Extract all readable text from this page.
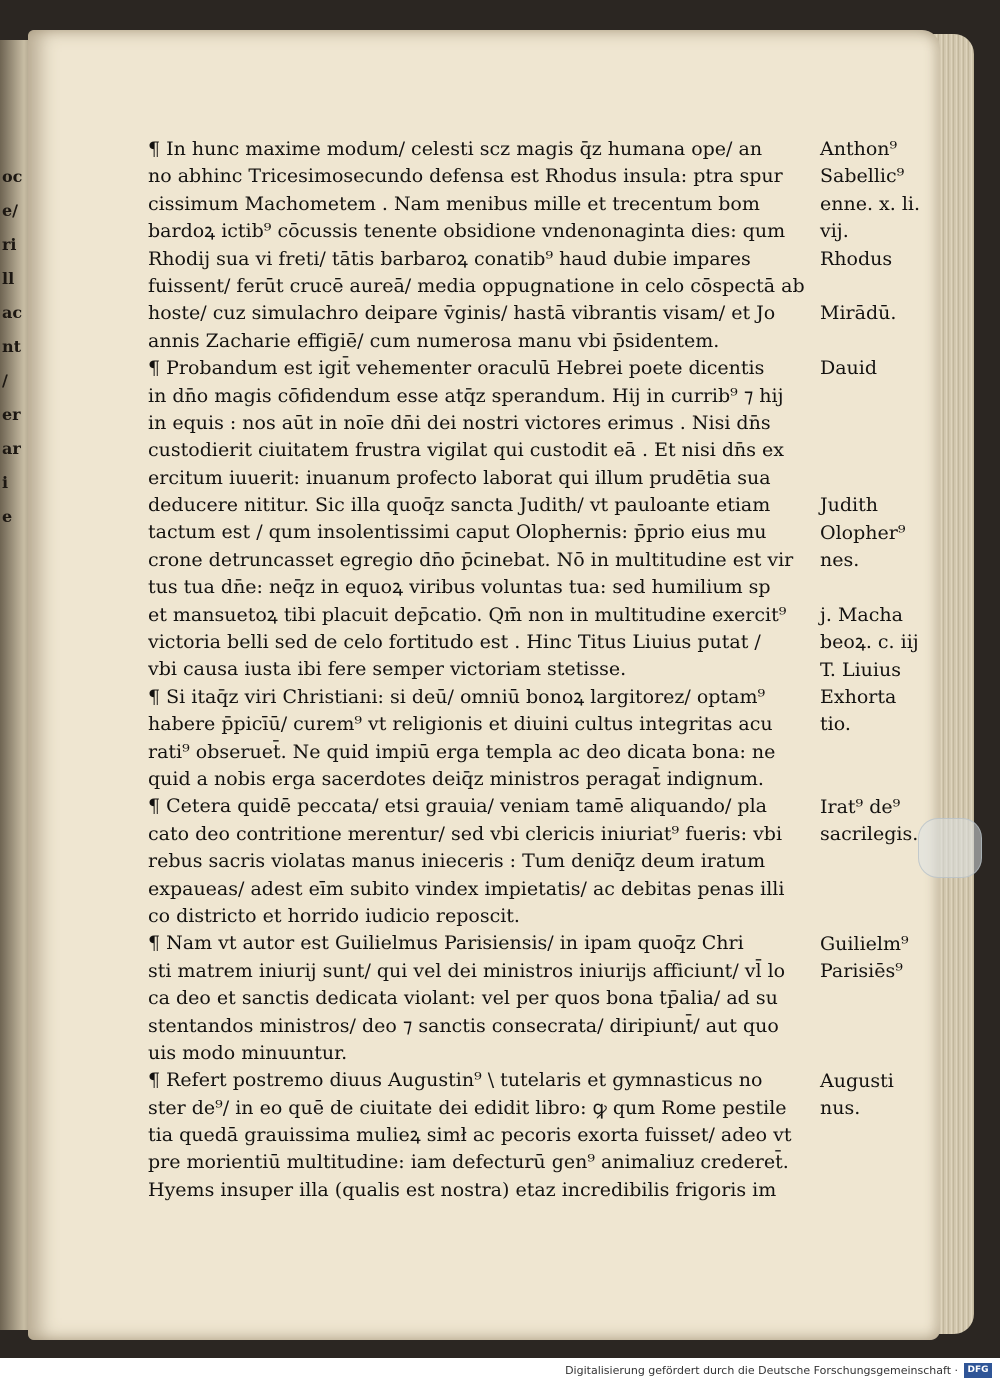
oc
e/
ri
ll
ac
nt
/
er
ar
i
e
¶ In hunc maxime modum/ celesti scz magis q̄z humana ope/ an
no abhinc Tricesimosecundo defensa est Rhodus insula: ptra spur
cissimum Machometem . Nam menibus mille et trecentum bom
bardoꝝ ictib⁹ cōcussis tenente obsidione vndenonaginta dies: qum
Rhodij sua vi freti/ tātis barbaroꝝ conatib⁹ haud dubie impares
fuissent/ ferūt crucē aureā/ media oppugnatione in celo cōspectā ab
hoste/ cuz simulachro deipare v̄ginis/ hastā vibrantis visam/ et Jo
annis Zacharie effigiē/ cum numerosa manu vbi p̄sidentem.
¶ Probandum est igit̄ vehementer oraculū Hebrei poete dicentis
in dn̄o magis cōfidendum esse atq̄z sperandum. Hij in currib⁹ ⁊ hij
in equis : nos aūt in noīe dn̄i dei nostri victores erimus . Nisi dn̄s
custodierit ciuitatem frustra vigilat qui custodit eā . Et nisi dn̄s ex
ercitum iuuerit: inuanum profecto laborat qui illum prudētia sua
deducere nititur. Sic illa quoq̄z sancta Judith/ vt pauloante etiam
tactum est / qum insolentissimi caput Olophernis: p̄prio eius mu
crone detruncasset egregio dn̄o p̄cinebat. Nō in multitudine est vir
tus tua dn̄e: neq̄z in equoꝝ viribus voluntas tua: sed humilium sp
et mansuetoꝝ tibi placuit dep̄catio. Qm̄ non in multitudine exercit⁹
victoria belli sed de celo fortitudo est . Hinc Titus Liuius putat /
vbi causa iusta ibi fere semper victoriam stetisse.
¶ Si itaq̄z viri Christiani: si deū/ omniū bonoꝝ largitorez/ optam⁹
habere p̄picīū/ curem⁹ vt religionis et diuini cultus integritas acu
rati⁹ obseruet̄. Ne quid impiū erga templa ac deo dicata bona: ne
quid a nobis erga sacerdotes deiq̄z ministros peragat̄ indignum.
¶ Cetera quidē peccata/ etsi grauia/ veniam tamē aliquando/ pla
cato deo contritione merentur/ sed vbi clericis iniuriat⁹ fueris: vbi
rebus sacris violatas manus inieceris : Tum deniq̄z deum iratum
expaueas/ adest eīm subito vindex impietatis/ ac debitas penas illi
co districto et horrido iudicio reposcit.
¶ Nam vt autor est Guilielmus Parisiensis/ in ipam quoq̄z Chri
sti matrem iniurij sunt/ qui vel dei ministros iniurijs afficiunt/ vl̄ lo
ca deo et sanctis dedicata violant: vel per quos bona tp̄alia/ ad su
stentandos ministros/ deo ⁊ sanctis consecrata/ diripiunt̄/ aut quo
uis modo minuuntur.
¶ Refert postremo diuus Augustin⁹ \ tutelaris et gymnasticus no
ster de⁹/ in eo quē de ciuitate dei edidit libro: ꝙ qum Rome pestile
tia quedā grauissima mulieꝝ simł ac pecoris exorta fuisset/ adeo vt
pre morientiū multitudine: iam defecturū gen⁹ animaliuz crederet̄.
Hyems insuper illa (qualis est nostra) etaz incredibilis frigoris im
Anthon⁹
Sabellic⁹
enne. x. li.
vij.
Rhodus
Mirādū.
Dauid
Judith
Olopher⁹
nes.
j. Macha
beoꝝ. c. iij
T. Liuius
Exhorta
tio.
Irat⁹ de⁹
sacrilegis.
Guilielm⁹
Parisiēs⁹
Augusti
nus.
Digitalisierung gefördert durch die Deutsche Forschungsgemeinschaft ·	DFG
